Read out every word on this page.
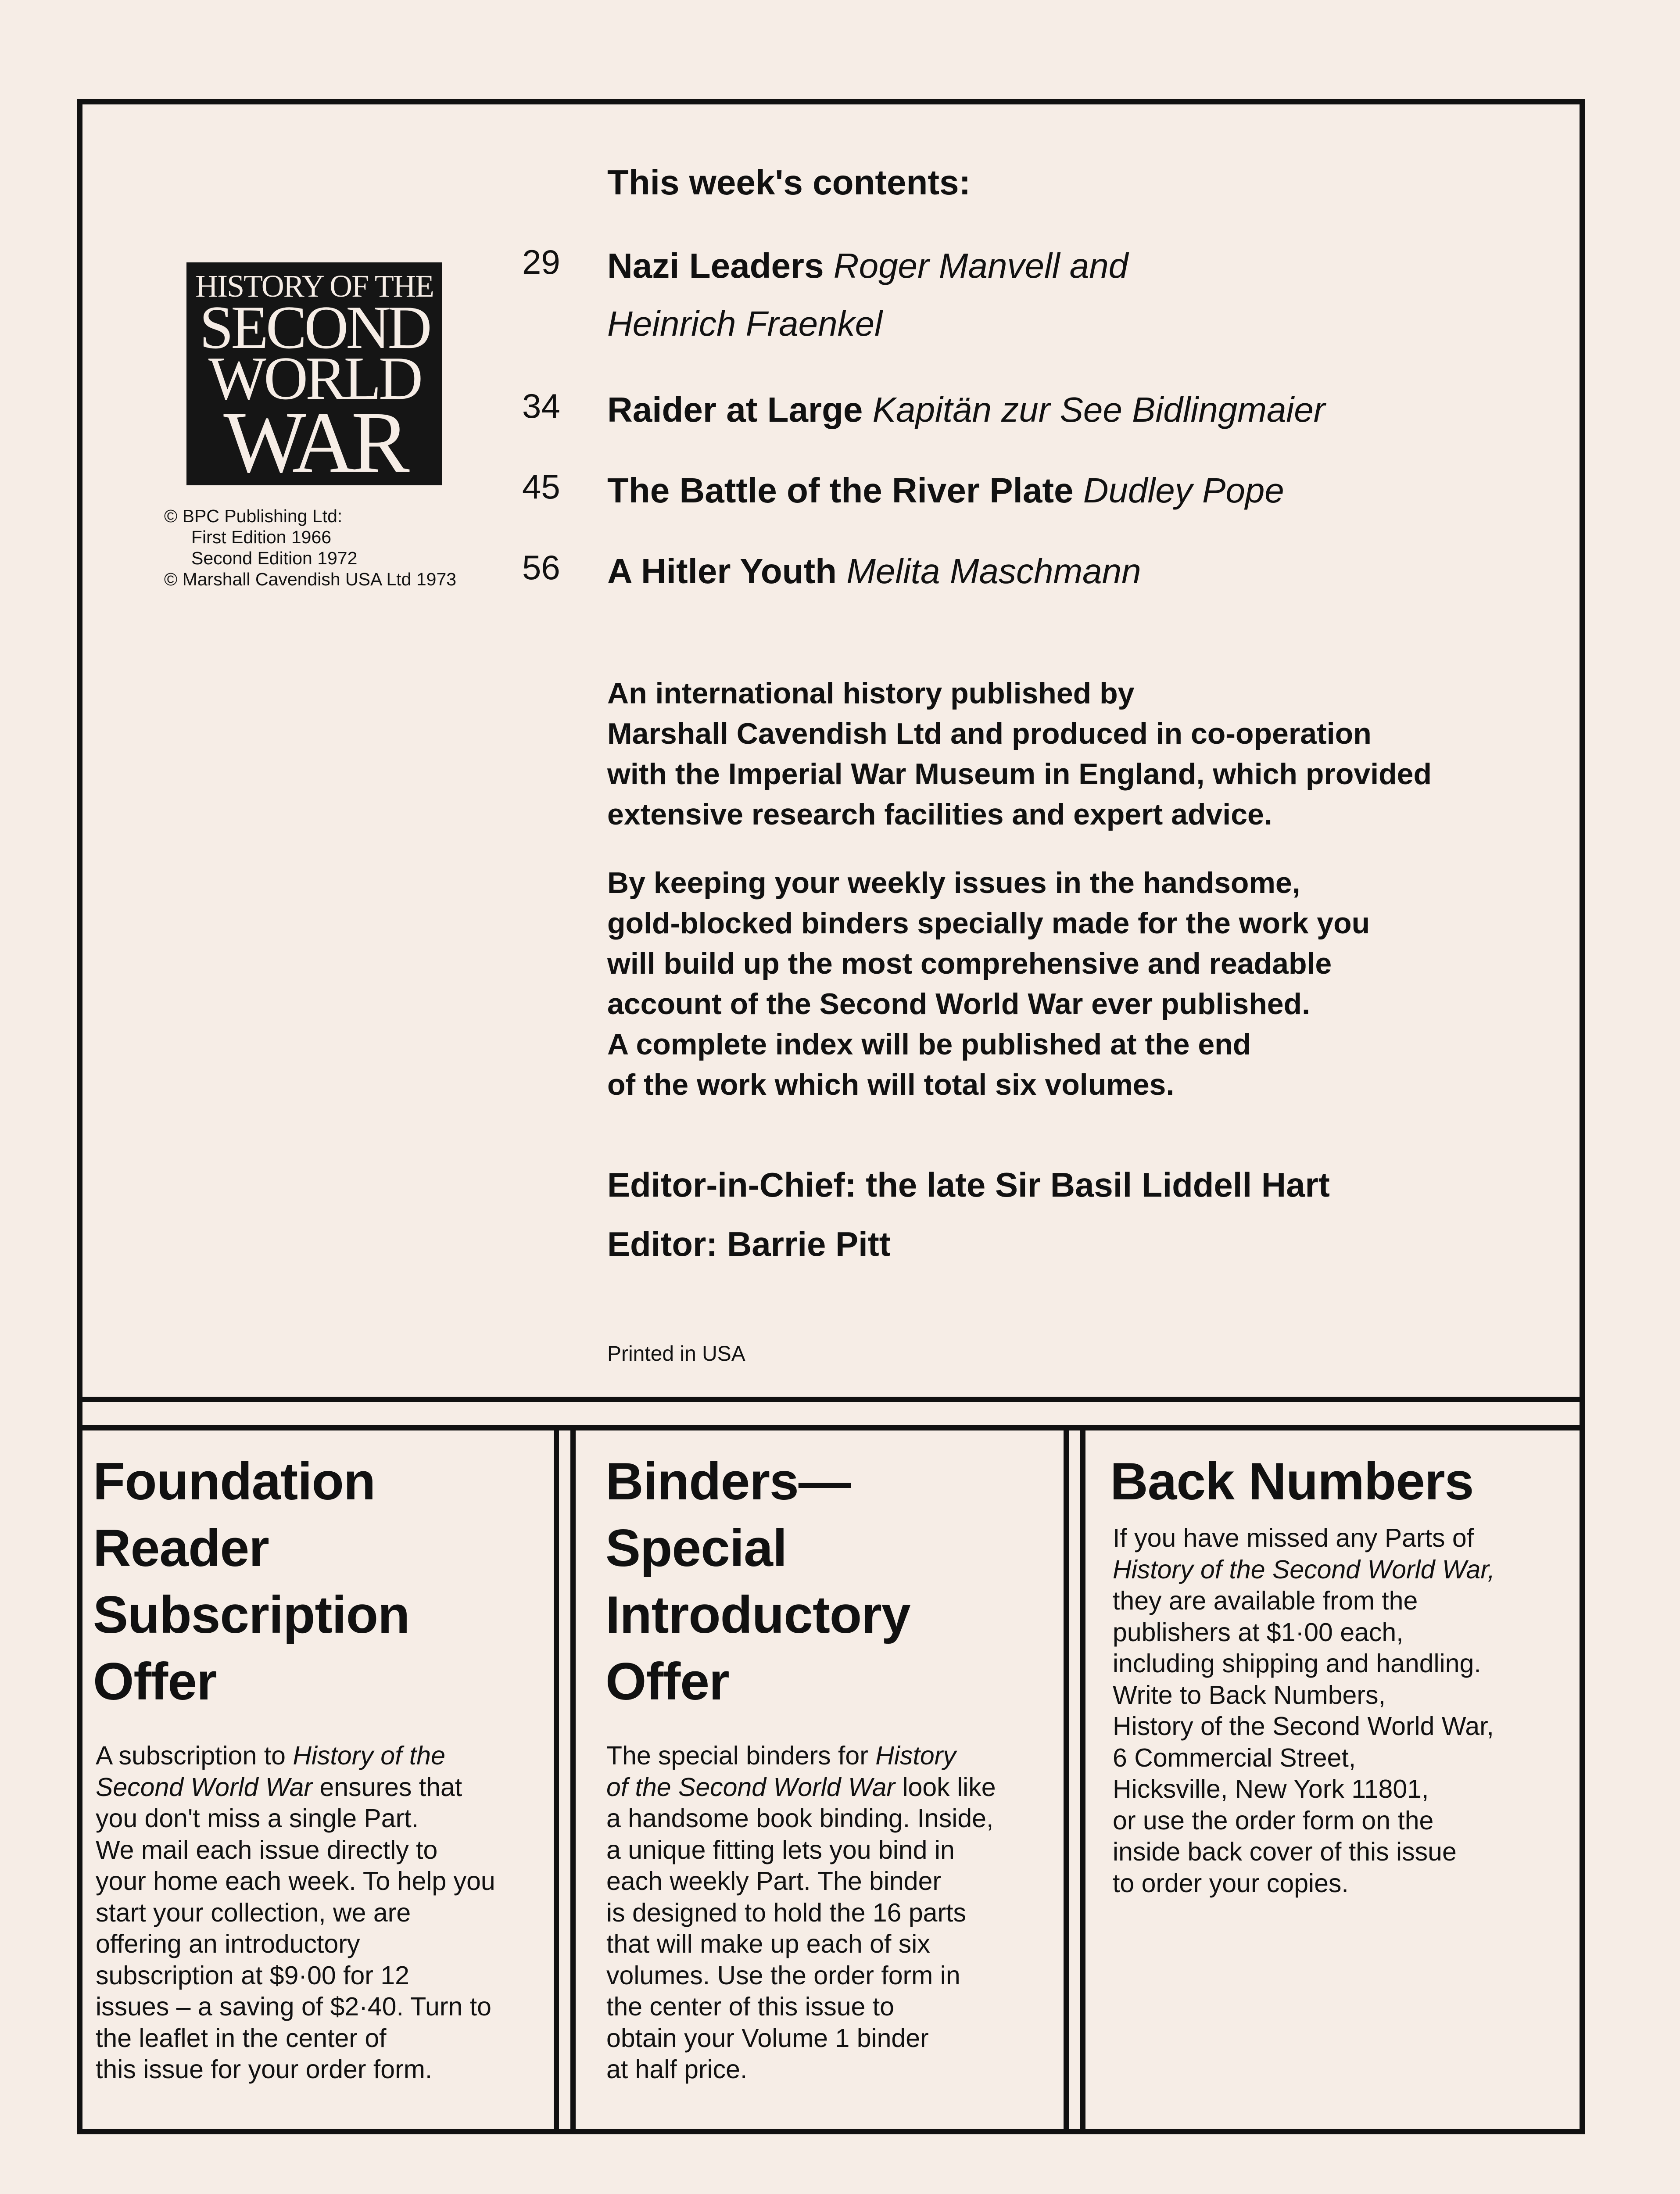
HISTORY OF THE
SECOND
WORLD
WAR
© BPC Publishing Ltd:
First Edition 1966
Second Edition 1972
© Marshall Cavendish USA Ltd 1973
This week's contents:
29 Nazi Leaders Roger Manvell and
Heinrich Fraenkel
34 Raider at Large Kapitän zur See Bidlingmaier
45 The Battle of the River Plate Dudley Pope
56 A Hitler Youth Melita Maschmann
An international history published by
Marshall Cavendish Ltd and produced in co-operation
with the Imperial War Museum in England, which provided
extensive research facilities and expert advice.
By keeping your weekly issues in the handsome,
gold-blocked binders specially made for the work you
will build up the most comprehensive and readable
account of the Second World War ever published.
A complete index will be published at the end
of the work which will total six volumes.
Editor-in-Chief: the late Sir Basil Liddell Hart
Editor: Barrie Pitt
Printed in USA
Foundation
Reader
Subscription
Offer
A subscription to History of the
Second World War ensures that
you don't miss a single Part.
We mail each issue directly to
your home each week. To help you
start your collection, we are
offering an introductory
subscription at $9·00 for 12
issues – a saving of $2·40. Turn to
the leaflet in the center of
this issue for your order form.
Binders—
Special
Introductory
Offer
The special binders for History
of the Second World War look like
a handsome book binding. Inside,
a unique fitting lets you bind in
each weekly Part. The binder
is designed to hold the 16 parts
that will make up each of six
volumes. Use the order form in
the center of this issue to
obtain your Volume 1 binder
at half price.
Back Numbers
If you have missed any Parts of
History of the Second World War,
they are available from the
publishers at $1·00 each,
including shipping and handling.
Write to Back Numbers,
History of the Second World War,
6 Commercial Street,
Hicksville, New York 11801,
or use the order form on the
inside back cover of this issue
to order your copies.
